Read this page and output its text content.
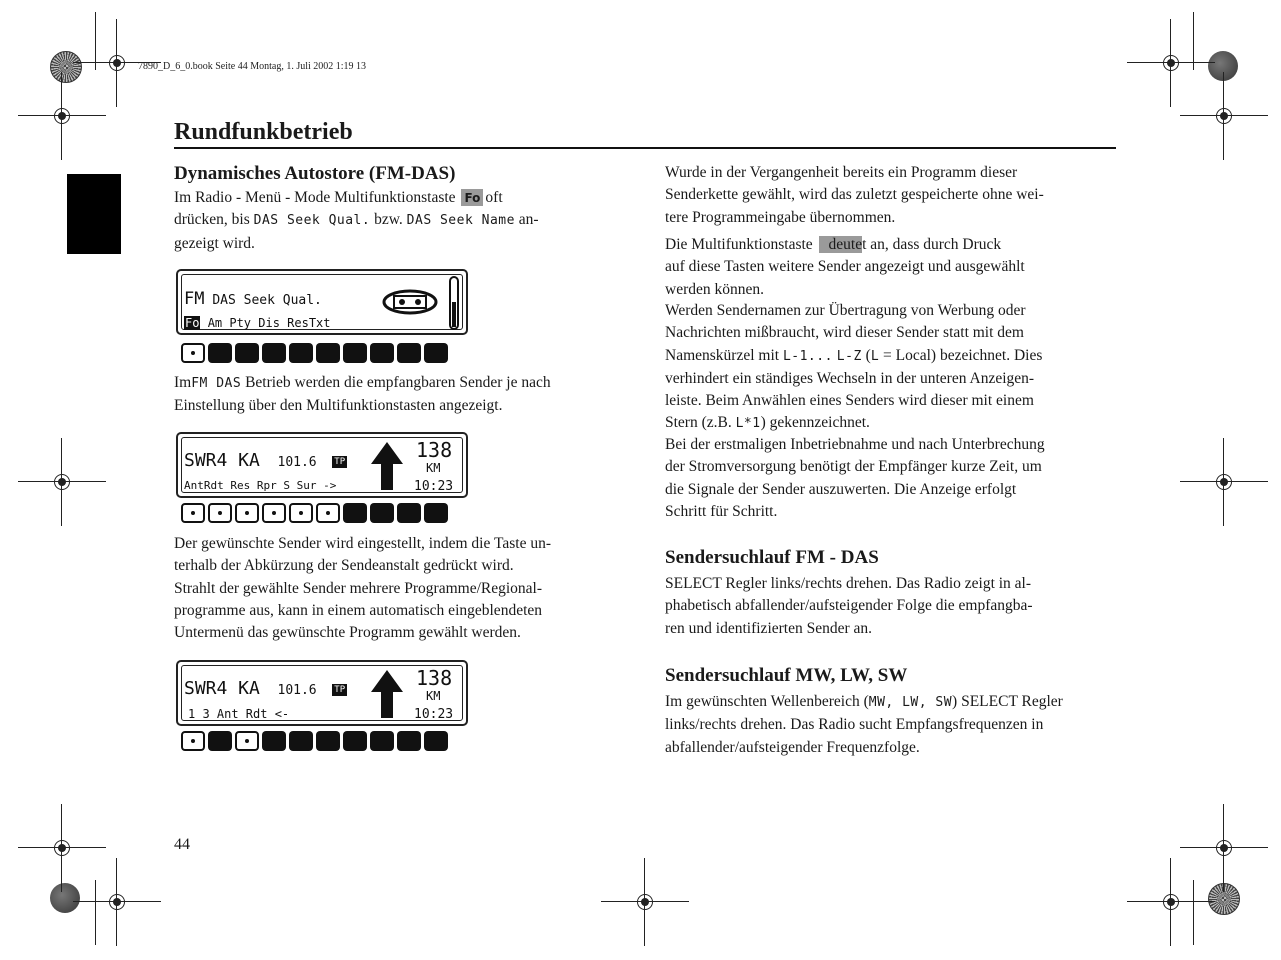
7890_D_6_0.book Seite 44 Montag, 1. Juli 2002 1:19 13
Rundfunkbetrieb
Dynamisches Autostore (FM-DAS)

Im Radio - Menü - Mode Multifunktionstaste Fo oft

drücken, bis DAS Seek Qual. bzw. DAS Seek Name an-

gezeigt wird.

FM DAS Seek Qual.
Fo Am Pty Dis ResTxt

ImFM DAS Betrieb werden die empfangbaren Sender je nach

Einstellung über den Multifunktionstasten angezeigt.

SWR4 KA 101.6 TP
AntRdt Res Rpr S Sur ->
138
KM
10:23

Der gewünschte Sender wird eingestellt, indem die Taste un-

terhalb der Abkürzung der Sendeanstalt gedrückt wird.

Strahlt der gewählte Sender mehrere Programme/Regional-

programme aus, kann in einem automatisch eingeblendeten

Untermenü das gewünschte Programm gewählt werden.

SWR4 KA 101.6 TP
1 3 Ant Rdt <-
138
KM
10:23
44

Wurde in der Vergangenheit bereits ein Programm dieser

Senderkette gewählt, wird das zuletzt gespeicherte ohne wei-

tere Programmeingabe übernommen.

Die Multifunktionstaste deutet an, dass durch Druck

auf diese Tasten weitere Sender angezeigt und ausgewählt

werden können.

Werden Sendernamen zur Übertragung von Werbung oder

Nachrichten mißbraucht, wird dieser Sender statt mit dem

Namenskürzel mit L-1... L-Z (L = Local) bezeichnet. Dies

verhindert ein ständiges Wechseln in der unteren Anzeigen-

leiste. Beim Anwählen eines Senders wird dieser mit einem

Stern (z.B. L*1) gekennzeichnet.

Bei der erstmaligen Inbetriebnahme und nach Unterbrechung

der Stromversorgung benötigt der Empfänger kurze Zeit, um

die Signale der Sender auszuwerten. Die Anzeige erfolgt

Schritt für Schritt.

Sendersuchlauf FM - DAS

SELECT Regler links/rechts drehen. Das Radio zeigt in al-

phabetisch abfallender/aufsteigender Folge die empfangba-

ren und identifizierten Sender an.

Sendersuchlauf MW, LW, SW

Im gewünschten Wellenbereich (MW, LW, SW) SELECT Regler

links/rechts drehen. Das Radio sucht Empfangsfrequenzen in

abfallender/aufsteigender Frequenzfolge.
